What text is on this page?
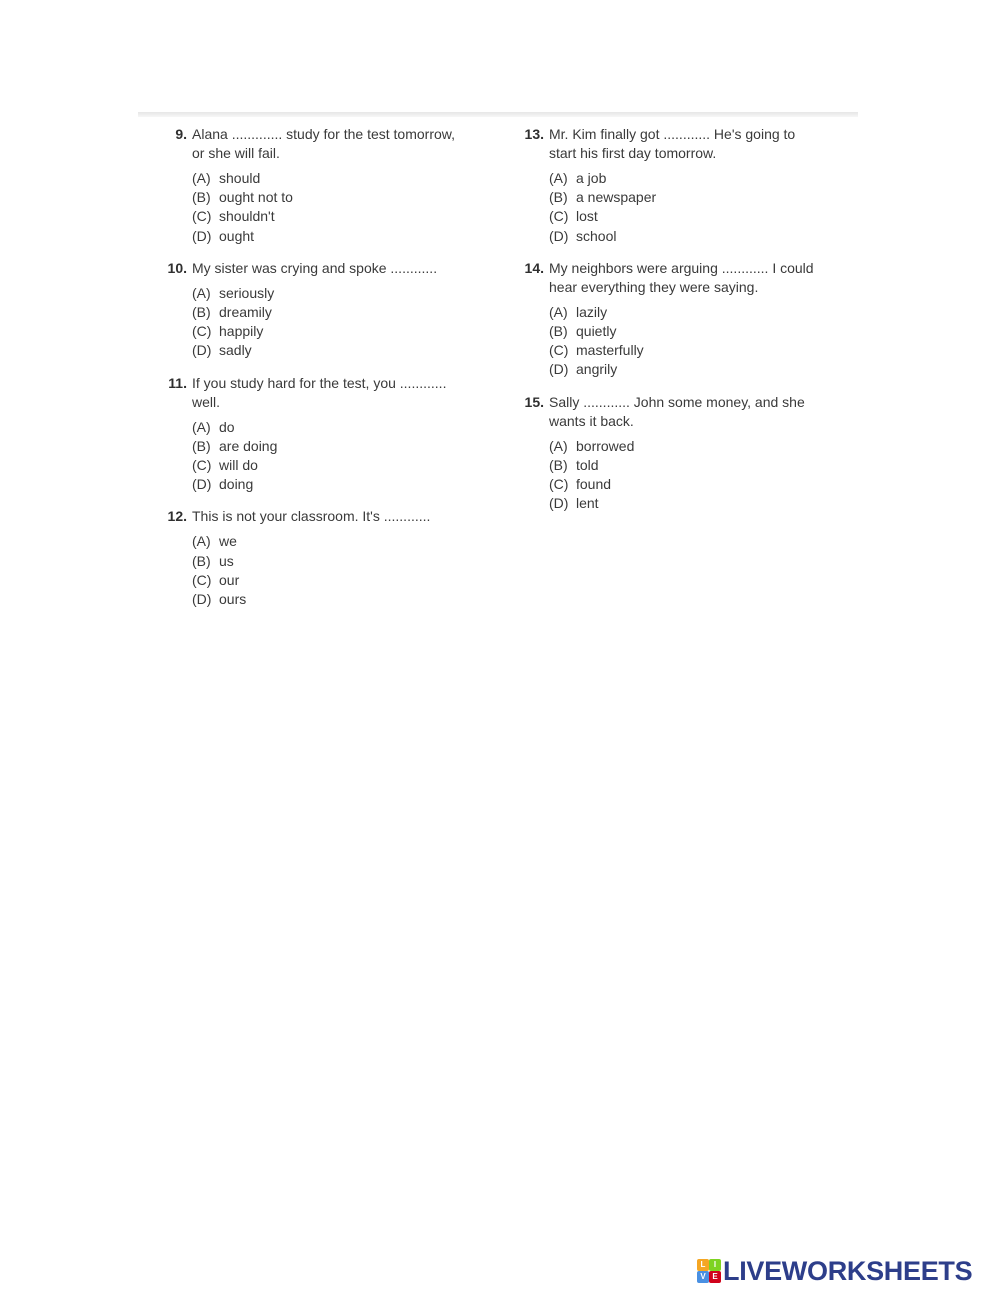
9. Alana ............. study for the test tomorrow,
or she will fail.
(A) should
(B) ought not to
(C) shouldn't
(D) ought
10. My sister was crying and spoke ............
(A) seriously
(B) dreamily
(C) happily
(D) sadly
11. If you study hard for the test, you ............
well.
(A) do
(B) are doing
(C) will do
(D) doing
12. This is not your classroom. It's ............
(A) we
(B) us
(C) our
(D) ours
13. Mr. Kim finally got ............ He's going to
start his first day tomorrow.
(A) a job
(B) a newspaper
(C) lost
(D) school
14. My neighbors were arguing ............ I could
hear everything they were saying.
(A) lazily
(B) quietly
(C) masterfully
(D) angrily
15. Sally ............ John some money, and she
wants it back.
(A) borrowed
(B) told
(C) found
(D) lent
L	I
V E LIVEWORKSHEETS
